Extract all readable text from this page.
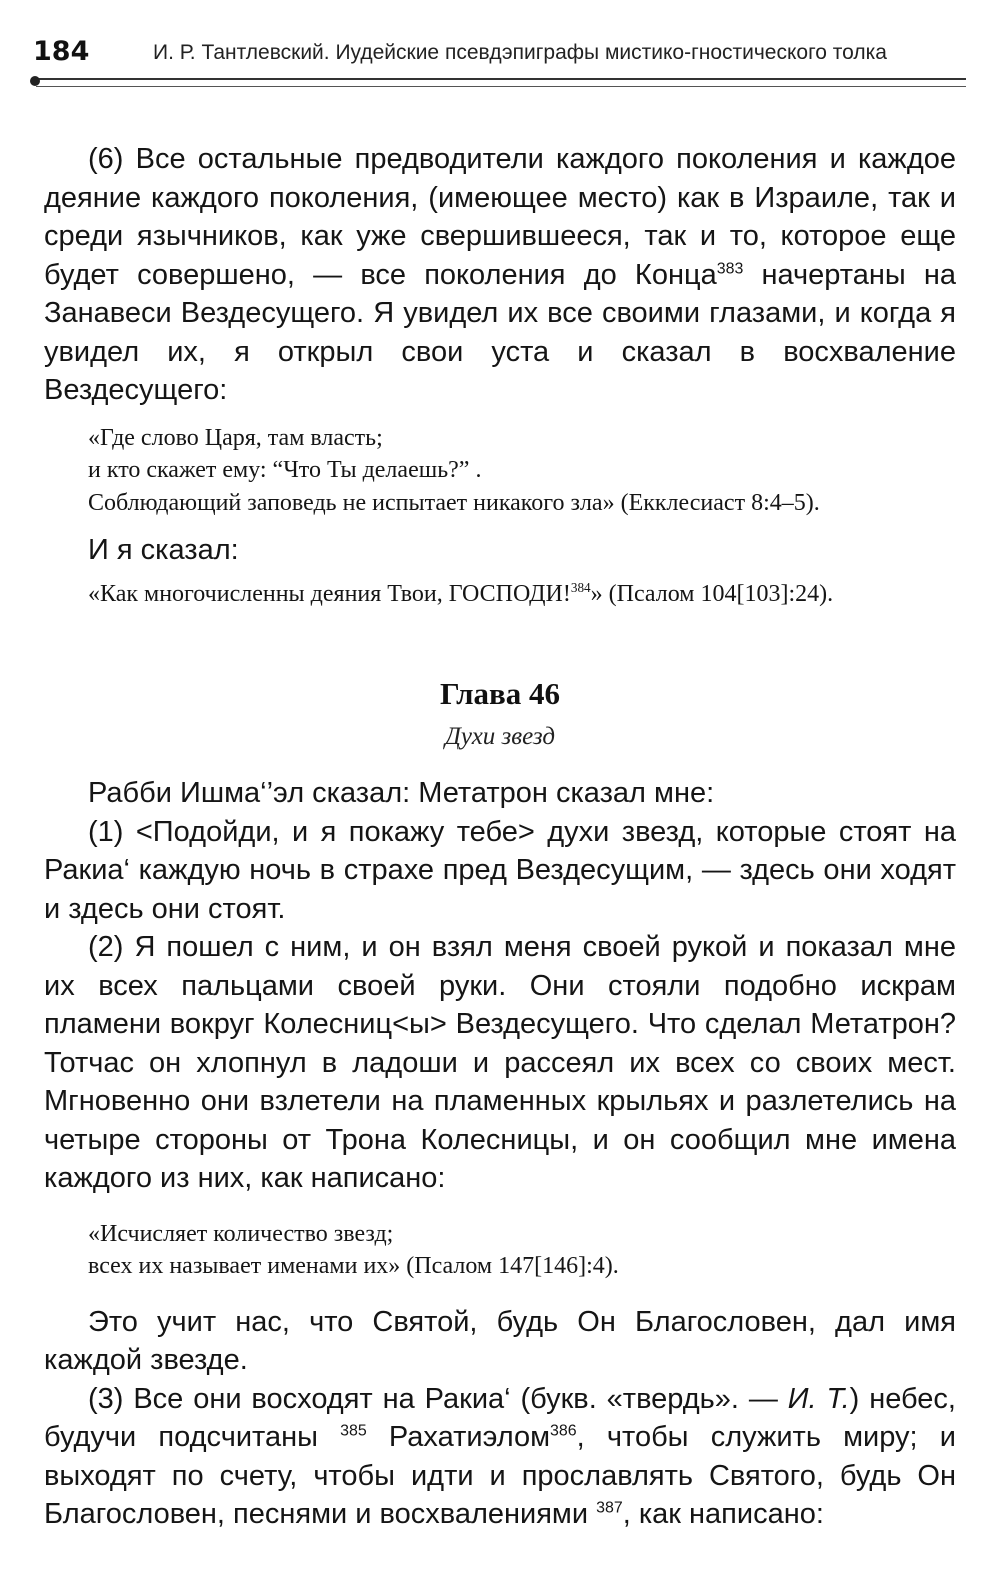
184	И. Р. Тантлевский. Иудейские псевдэпиграфы мистико-гностического толка

(6) Все остальные предводители каждого поколения и каждое деяние каждого поколения, (имеющее место) как в Израиле, так и среди язычников, как уже свершившееся, так и то, которое еще будет совершено, — все поколения до Конца$^{383}$ начертаны на Занавеси Вездесущего. Я увидел их все своими глазами, и когда я увидел их, я открыл свои уста и сказал в восхваление Вездесущего:

«Где слово Царя, там власть;
и кто скажет ему: “Что Ты делаешь?” .
Соблюдающий заповедь не испытает никакого зла» (Екклесиаст 8:4–5).

И я сказал:

«Как многочисленны деяния Твои, ГОСПОДИ!$^{384}$» (Псалом 104[103]:24).

Глава 46

Духи звезд

Рабби Ишма‘’эл сказал: Метатрон сказал мне:

(1) <Подойди, и я покажу тебе> духи звезд, которые стоят на Ракиа‘ каждую ночь в страхе пред Вездесущим, — здесь они ходят и здесь они стоят.

(2) Я пошел с ним, и он взял меня своей рукой и показал мне их всех пальцами своей руки. Они стояли подобно искрам пламени вокруг Колесниц<ы> Вездесущего. Что сделал Метатрон? Тотчас он хлопнул в ладоши и рассеял их всех со своих мест. Мгновенно они взлетели на пламенных крыльях и разлетелись на четыре стороны от Трона Колесницы, и он сообщил мне имена каждого из них, как написано:

«Исчисляет количество звезд;
всех их называет именами их» (Псалом 147[146]:4).

Это учит нас, что Святой, будь Он Благословен, дал имя каждой звезде.

(3) Все они восходят на Ракиа‘ (букв. «твердь». — И. Т.) небес, будучи подсчитаны $^{385}$ Рахатиэлом$^{386}$, чтобы служить миру; и выходят по счету, чтобы идти и прославлять Святого, будь Он Благословен, песнями и восхвалениями $^{387}$, как написано:
